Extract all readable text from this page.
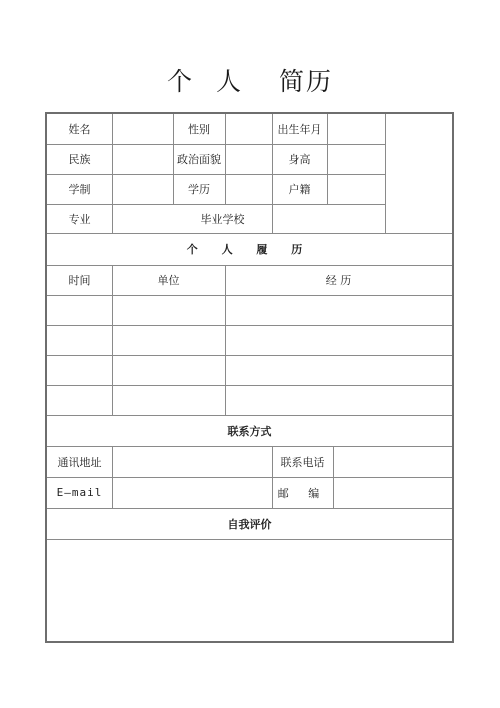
个 人 简历
姓名	性别	出生年月
民族	政治面貌	身高
学制	学历	户籍
专业	毕业学校
个 人 履 历
时间	单位	经 历
联系方式
通讯地址	联系电话
E—mail	邮 编
自我评价
